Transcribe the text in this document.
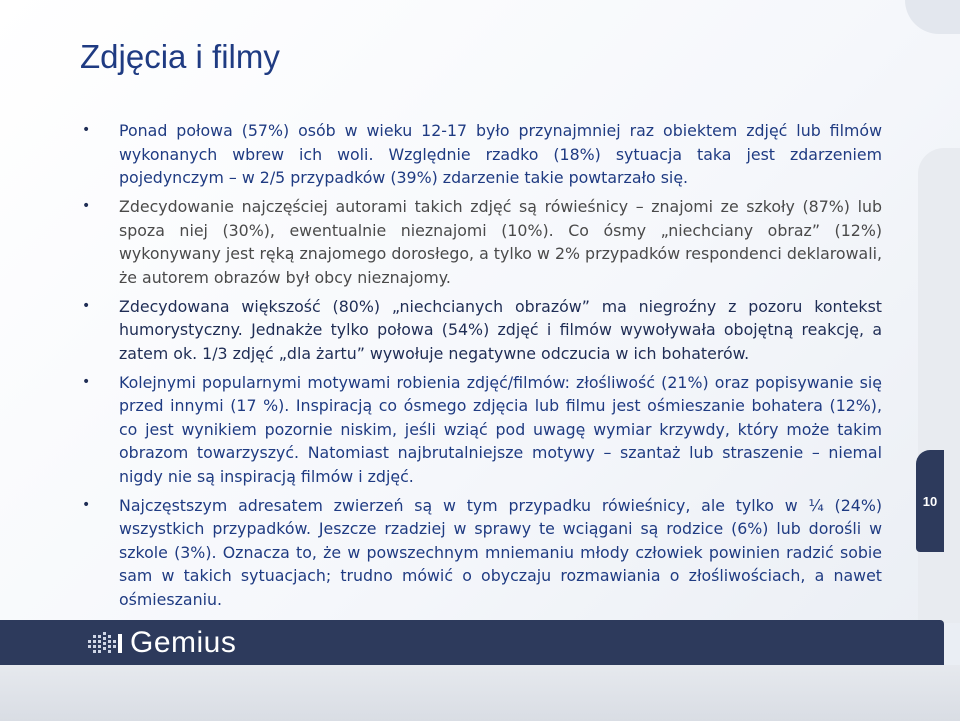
10
Zdjęcia i filmy
• Ponad połowa (57%) osób w wieku 12-17 było przynajmniej raz obiektem zdjęć lub filmów wykonanych wbrew ich woli. Względnie rzadko (18%) sytuacja taka jest zdarzeniem pojedynczym – w 2/5 przypadków (39%) zdarzenie takie powtarzało się.
• Zdecydowanie najczęściej autorami takich zdjęć są rówieśnicy – znajomi ze szkoły (87%) lub spoza niej (30%), ewentualnie nieznajomi (10%). Co ósmy „niechciany obraz” (12%) wykonywany jest ręką znajomego dorosłego, a tylko w 2% przypadków respondenci deklarowali, że autorem obrazów był obcy nieznajomy.
• Zdecydowana większość (80%) „niechcianych obrazów” ma niegroźny z pozoru kontekst humorystyczny. Jednakże tylko połowa (54%) zdjęć i filmów wywoływała obojętną reakcję, a zatem ok. 1/3 zdjęć „dla żartu” wywołuje negatywne odczucia w ich bohaterów.
• Kolejnymi popularnymi motywami robienia zdjęć/filmów: złośliwość (21%) oraz popisywanie się przed innymi (17 %). Inspiracją co ósmego zdjęcia lub filmu jest ośmieszanie bohatera (12%), co jest wynikiem pozornie niskim, jeśli wziąć pod uwagę wymiar krzywdy, który może takim obrazom towarzyszyć. Natomiast najbrutalniejsze motywy – szantaż lub straszenie – niemal nigdy nie są inspiracją filmów i zdjęć.
• Najczęstszym adresatem zwierzeń są w tym przypadku rówieśnicy, ale tylko w ¼ (24%) wszystkich przypadków. Jeszcze rzadziej w sprawy te wciągani są rodzice (6%) lub dorośli w szkole (3%). Oznacza to, że w powszechnym mniemaniu młody człowiek powinien radzić sobie sam w takich sytuacjach; trudno mówić o obyczaju rozmawiania o złośliwościach, a nawet ośmieszaniu.
Gemius
